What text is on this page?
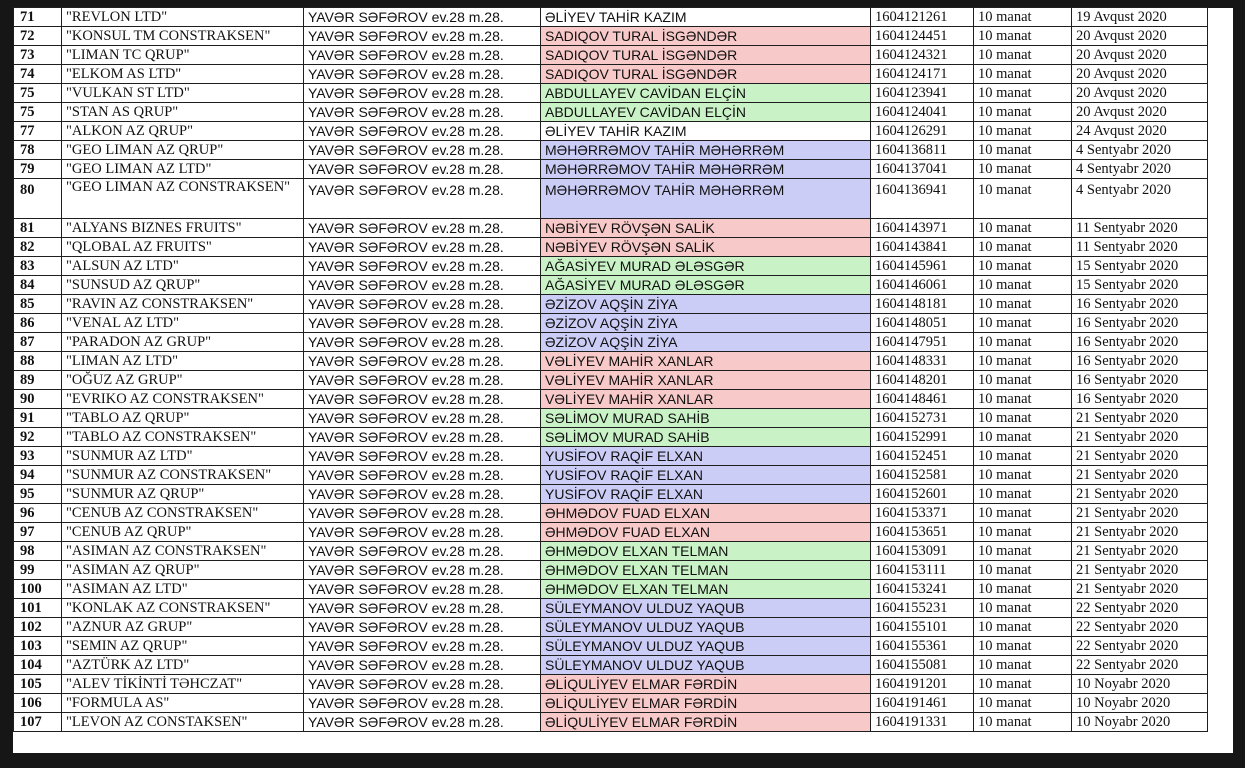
71	"REVLON LTD"	YAVƏR SƏFƏROV ev.28 m.28.	ƏLİYEV TAHİR KAZIM	1604121261	10 manat	19 Avqust 2020
72	"KONSUL TM CONSTRAKSEN"	YAVƏR SƏFƏROV ev.28 m.28.	SADIQOV TURAL İSGƏNDƏR	1604124451	10 manat	20 Avqust 2020
73	"LIMAN TC QRUP"	YAVƏR SƏFƏROV ev.28 m.28.	SADIQOV TURAL İSGƏNDƏR	1604124321	10 manat	20 Avqust 2020
74	"ELKOM AS LTD"	YAVƏR SƏFƏROV ev.28 m.28.	SADIQOV TURAL İSGƏNDƏR	1604124171	10 manat	20 Avqust 2020
75	"VULKAN ST LTD"	YAVƏR SƏFƏROV ev.28 m.28.	ABDULLAYEV CAVİDAN ELÇİN	1604123941	10 manat	20 Avqust 2020
75	"STAN AS QRUP"	YAVƏR SƏFƏROV ev.28 m.28.	ABDULLAYEV CAVİDAN ELÇİN	1604124041	10 manat	20 Avqust 2020
77	"ALKON AZ QRUP"	YAVƏR SƏFƏROV ev.28 m.28.	ƏLİYEV TAHİR KAZIM	1604126291	10 manat	24 Avqust 2020
78	"GEO LIMAN AZ QRUP"	YAVƏR SƏFƏROV ev.28 m.28.	MƏHƏRRƏMOV TAHİR MƏHƏRRƏM	1604136811	10 manat	4 Sentyabr 2020
79	"GEO LIMAN AZ LTD"	YAVƏR SƏFƏROV ev.28 m.28.	MƏHƏRRƏMOV TAHİR MƏHƏRRƏM	1604137041	10 manat	4 Sentyabr 2020
80	"GEO LIMAN AZ CONSTRAKSEN"	YAVƏR SƏFƏROV ev.28 m.28.	MƏHƏRRƏMOV TAHİR MƏHƏRRƏM	1604136941	10 manat	4 Sentyabr 2020
81	"ALYANS BIZNES FRUITS"	YAVƏR SƏFƏROV ev.28 m.28.	NƏBİYEV RÖVŞƏN SALİK	1604143971	10 manat	11 Sentyabr 2020
82	"QLOBAL AZ FRUITS"	YAVƏR SƏFƏROV ev.28 m.28.	NƏBİYEV RÖVŞƏN SALİK	1604143841	10 manat	11 Sentyabr 2020
83	"ALSUN AZ LTD"	YAVƏR SƏFƏROV ev.28 m.28.	AĞASİYEV MURAD ƏLƏSGƏR	1604145961	10 manat	15 Sentyabr 2020
84	"SUNSUD AZ QRUP"	YAVƏR SƏFƏROV ev.28 m.28.	AĞASİYEV MURAD ƏLƏSGƏR	1604146061	10 manat	15 Sentyabr 2020
85	"RAVIN AZ CONSTRAKSEN"	YAVƏR SƏFƏROV ev.28 m.28.	ƏZİZOV AQŞİN ZİYA	1604148181	10 manat	16 Sentyabr 2020
86	"VENAL AZ LTD"	YAVƏR SƏFƏROV ev.28 m.28.	ƏZİZOV AQŞİN ZİYA	1604148051	10 manat	16 Sentyabr 2020
87	"PARADON AZ GRUP"	YAVƏR SƏFƏROV ev.28 m.28.	ƏZİZOV AQŞİN ZİYA	1604147951	10 manat	16 Sentyabr 2020
88	"LIMAN AZ LTD"	YAVƏR SƏFƏROV ev.28 m.28.	VƏLİYEV MAHİR XANLAR	1604148331	10 manat	16 Sentyabr 2020
89	"OĞUZ AZ GRUP"	YAVƏR SƏFƏROV ev.28 m.28.	VƏLİYEV MAHİR XANLAR	1604148201	10 manat	16 Sentyabr 2020
90	"EVRIKO AZ CONSTRAKSEN"	YAVƏR SƏFƏROV ev.28 m.28.	VƏLİYEV MAHİR XANLAR	1604148461	10 manat	16 Sentyabr 2020
91	"TABLO AZ QRUP"	YAVƏR SƏFƏROV ev.28 m.28.	SƏLİMOV MURAD SAHİB	1604152731	10 manat	21 Sentyabr 2020
92	"TABLO AZ CONSTRAKSEN"	YAVƏR SƏFƏROV ev.28 m.28.	SƏLİMOV MURAD SAHİB	1604152991	10 manat	21 Sentyabr 2020
93	"SUNMUR AZ LTD"	YAVƏR SƏFƏROV ev.28 m.28.	YUSİFOV RAQİF ELXAN	1604152451	10 manat	21 Sentyabr 2020
94	"SUNMUR AZ CONSTRAKSEN"	YAVƏR SƏFƏROV ev.28 m.28.	YUSİFOV RAQİF ELXAN	1604152581	10 manat	21 Sentyabr 2020
95	"SUNMUR AZ QRUP"	YAVƏR SƏFƏROV ev.28 m.28.	YUSİFOV RAQİF ELXAN	1604152601	10 manat	21 Sentyabr 2020
96	"CENUB AZ CONSTRAKSEN"	YAVƏR SƏFƏROV ev.28 m.28.	ƏHMƏDOV FUAD ELXAN	1604153371	10 manat	21 Sentyabr 2020
97	"CENUB AZ QRUP"	YAVƏR SƏFƏROV ev.28 m.28.	ƏHMƏDOV FUAD ELXAN	1604153651	10 manat	21 Sentyabr 2020
98	"ASIMAN AZ CONSTRAKSEN"	YAVƏR SƏFƏROV ev.28 m.28.	ƏHMƏDOV ELXAN TELMAN	1604153091	10 manat	21 Sentyabr 2020
99	"ASIMAN AZ QRUP"	YAVƏR SƏFƏROV ev.28 m.28.	ƏHMƏDOV ELXAN TELMAN	1604153111	10 manat	21 Sentyabr 2020
100	"ASIMAN AZ LTD"	YAVƏR SƏFƏROV ev.28 m.28.	ƏHMƏDOV ELXAN TELMAN	1604153241	10 manat	21 Sentyabr 2020
101	"KONLAK AZ CONSTRAKSEN"	YAVƏR SƏFƏROV ev.28 m.28.	SÜLEYMANOV ULDUZ YAQUB	1604155231	10 manat	22 Sentyabr 2020
102	"AZNUR AZ GRUP"	YAVƏR SƏFƏROV ev.28 m.28.	SÜLEYMANOV ULDUZ YAQUB	1604155101	10 manat	22 Sentyabr 2020
103	"SEMIN AZ QRUP"	YAVƏR SƏFƏROV ev.28 m.28.	SÜLEYMANOV ULDUZ YAQUB	1604155361	10 manat	22 Sentyabr 2020
104	"AZTÜRK AZ LTD"	YAVƏR SƏFƏROV ev.28 m.28.	SÜLEYMANOV ULDUZ YAQUB	1604155081	10 manat	22 Sentyabr 2020
105	"ALEV TİKİNTİ TƏHCZAT"	YAVƏR SƏFƏROV ev.28 m.28.	ƏLİQULİYEV ELMAR FƏRDİN	1604191201	10 manat	10 Noyabr 2020
106	"FORMULA AS"	YAVƏR SƏFƏROV ev.28 m.28.	ƏLİQULİYEV ELMAR FƏRDİN	1604191461	10 manat	10 Noyabr 2020
107	"LEVON AZ CONSTAKSEN"	YAVƏR SƏFƏROV ev.28 m.28.	ƏLİQULİYEV ELMAR FƏRDİN	1604191331	10 manat	10 Noyabr 2020
